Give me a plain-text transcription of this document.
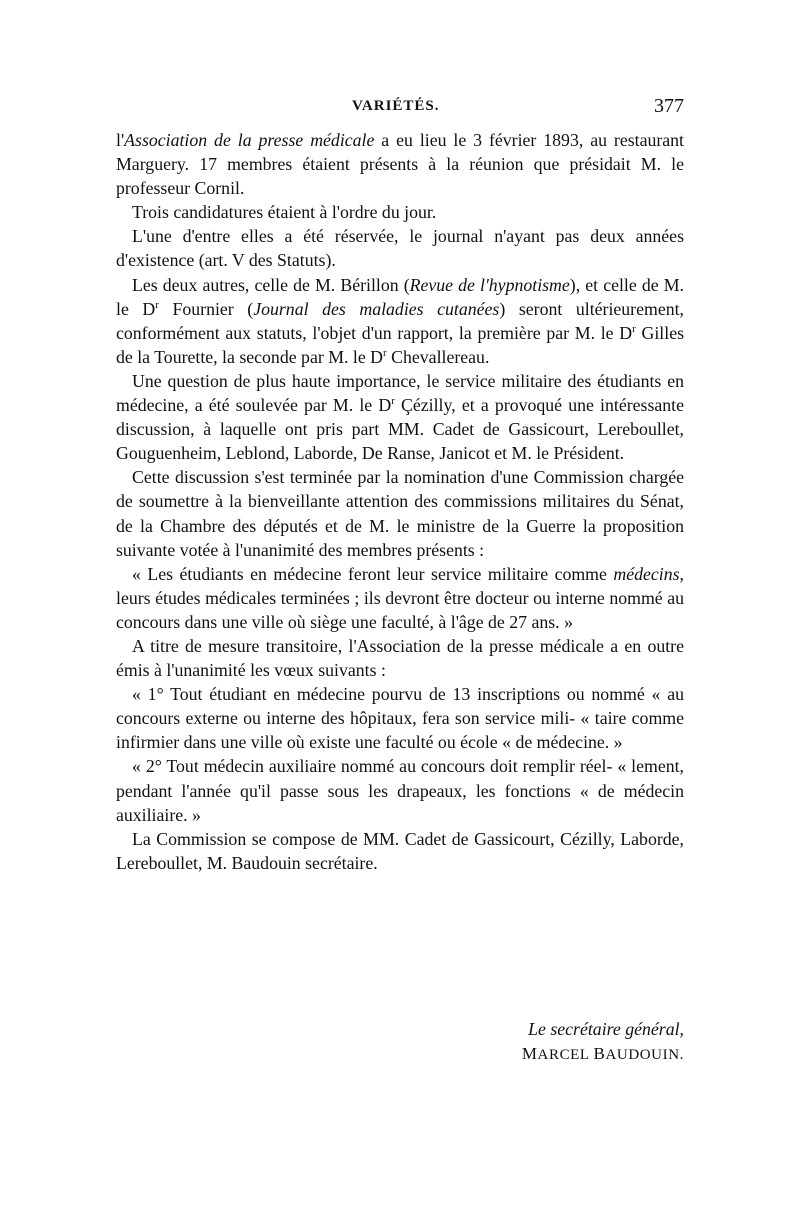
VARIÉTÉS.	377

l'Association de la presse médicale a eu lieu le 3 février 1893, au restaurant Marguery. 17 membres étaient présents à la réunion que présidait M. le professeur Cornil.

Trois candidatures étaient à l'ordre du jour.

L'une d'entre elles a été réservée, le journal n'ayant pas deux années d'existence (art. V des Statuts).

Les deux autres, celle de M. Bérillon (Revue de l'hypnotisme), et celle de M. le $D^r$ Fournier (Journal des maladies cutanées) seront ultérieurement, conformément aux statuts, l'objet d'un rapport, la première par M. le $D^r$ Gilles de la Tourette, la seconde par M. le $D^r$ Chevallereau.

Une question de plus haute importance, le service militaire des étudiants en médecine, a été soulevée par M. le $D^r$ Çézilly, et a provoqué une intéressante discussion, à laquelle ont pris part MM. Cadet de Gassicourt, Lereboullet, Gouguenheim, Leblond, Laborde, De Ranse, Janicot et M. le Président.

Cette discussion s'est terminée par la nomination d'une Commission chargée de soumettre à la bienveillante attention des commissions militaires du Sénat, de la Chambre des députés et de M. le ministre de la Guerre la proposition suivante votée à l'unanimité des membres présents :

« Les étudiants en médecine feront leur service militaire comme médecins, leurs études médicales terminées ; ils devront être docteur ou interne nommé au concours dans une ville où siège une faculté, à l'âge de 27 ans. »

A titre de mesure transitoire, l'Association de la presse médicale a en outre émis à l'unanimité les vœux suivants :

« 1° Tout étudiant en médecine pourvu de 13 inscriptions ou nommé « au concours externe ou interne des hôpitaux, fera son service mili- « taire comme infirmier dans une ville où existe une faculté ou école « de médecine. »

« 2° Tout médecin auxiliaire nommé au concours doit remplir réel- « lement, pendant l'année qu'il passe sous les drapeaux, les fonctions « de médecin auxiliaire. »

La Commission se compose de MM. Cadet de Gassicourt, Cézilly, Laborde, Lereboullet, M. Baudouin secrétaire.

Le secrétaire général,
MARCEL BAUDOUIN.
